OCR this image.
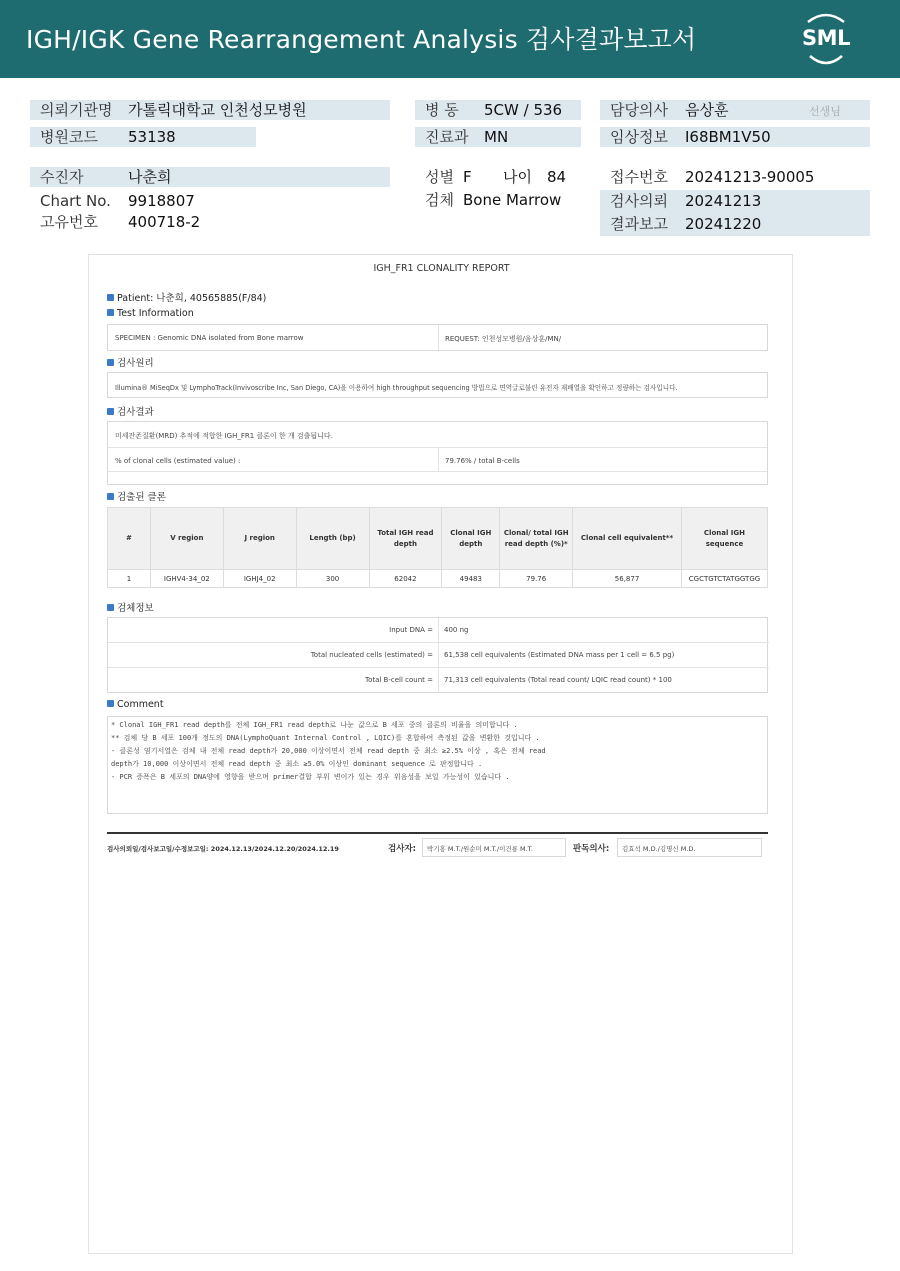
IGH/IGK Gene Rearrangement Analysis 검사결과보고서	SML
의뢰기관명 가톨릭대학교 인천성모병원
병원코드 53138
병 동 5CW / 536
진료과 MN
담당의사 음상훈	선생님
임상정보 I68BM1V50
수진자	나춘희
Chart No. 9918807
고유번호 400718-2
성별 F 나이 84
검체 Bone Marrow
접수번호 20241213-90005
검사의뢰 20241213
결과보고 20241220
IGH_FR1 CLONALITY REPORT
Patient: 나춘희, 40565885(F/84)
Test Information
SPECIMEN : Genomic DNA isolated from Bone marrow	REQUEST: 인천성모병원/음상훈/MN/
검사원리
Illumina® MiSeqDx 및 LymphoTrack(Invivoscribe Inc, San Diego, CA)을 이용하여 high throughput sequencing 방법으로 면역글로불린 유전자 재배열을 확인하고 정량하는 검사입니다.
검사결과
미세잔존질환(MRD) 추적에 적합한 IGH_FR1 클론이 한 개 검출됩니다.
% of clonal cells (estimated value) :	79.76% / total B-cells
검출된 클론
#	V region	J region	Length (bp)	Total IGH read depth	Clonal IGH depth	Clonal/ total IGH read depth (%)*	Clonal cell equivalent**	Clonal IGH sequence
1	IGHV4-34_02	IGHJ4_02	300	62042	49483	79.76	56,877	CGCTGTCTATGGTGG
검체정보
Input DNA = 400 ng
Total nucleated cells (estimated) = 61,538 cell equivalents (Estimated DNA mass per 1 cell = 6.5 pg)
Total B-cell count = 71,313 cell equivalents (Total read count/ LQIC read count) * 100
Comment
* Clonal IGH_FR1 read depth를 전체 IGH_FR1 read depth로 나눈 값으로 B 세포 중의 클론의 비율을 의미합니다 .
** 검체 당 B 세포 100개 정도의 DNA(LymphoQuant Internal Control , LQIC)를 혼합하여 측정된 값을 변환한 것입니다 .
- 클론성 염기서열은 검체 내 전체 read depth가 20,000 이상이면서 전체 read depth 중 최소 ≥2.5% 이상 , 혹은 전체 read
depth가 10,000 이상이면서 전체 read depth 중 최소 ≥5.0% 이상인 dominant sequence 로 판정합니다 .
- PCR 증폭은 B 세포의 DNA양에 영향을 받으며 primer결합 부위 변이가 있는 경우 위음성을 보일 가능성이 있습니다 .
검사의뢰일/검사보고일/수정보고일: 2024.12.13/2024.12.20/2024.12.19	검사자:	박기홍 M.T./원순미 M.T./이건룡 M.T.	판독의사:	김효석 M.D./김명신 M.D.
